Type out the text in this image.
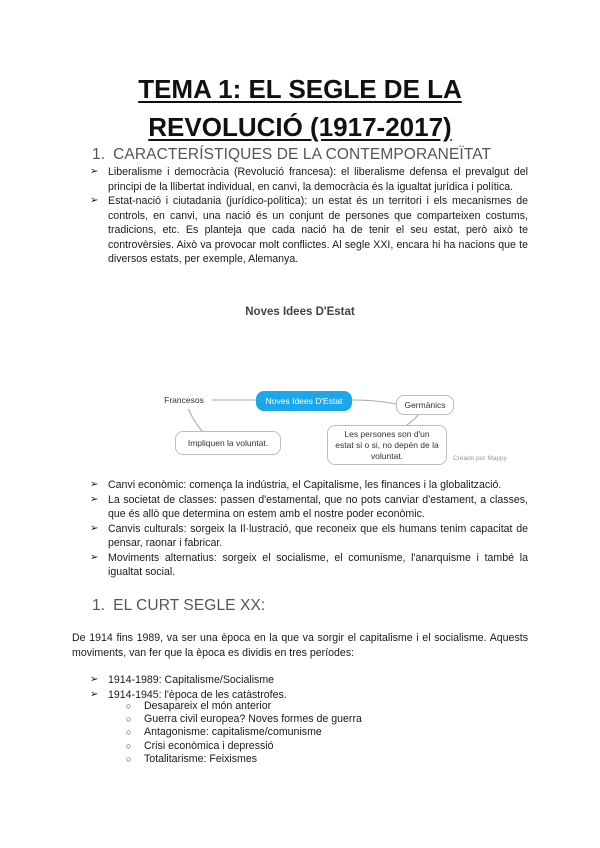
TEMA 1: EL SEGLE DE LA
REVOLUCIÓ (1917-2017)
1. CARACTERÍSTIQUES DE LA CONTEMPORANEÏTAT
➢ Liberalisme i democràcia (Revolució francesa): el liberalisme defensa el prevalgut del principi de la llibertat individual, en canvi, la democràcia és la igualtat jurídica i política.
➢ Estat-nació i ciutadania (jurídico-política): un estat és un territori i els mecanismes de controls, en canvi, una nació és un conjunt de persones que comparteixen costums, tradicions, etc. Es planteja que cada nació ha de tenir el seu estat, però això te controvèrsies. Això va provocar molt conflictes. Al segle XXI, encara hi ha nacions que te diversos estats, per exemple, Alemanya.
Noves Idees D'Estat
Noves Idees D'Estat
Francesos	Germànics
Impliquen la voluntat.
Les persones son d'un estat si o si, no depén de la voluntat.	Creado por Mappy
➢ Canvi econòmic: comença la indústria, el Capitalisme, les finances i la globalització.
➢ La societat de classes: passen d'estamental, que no pots canviar d'estament, a classes, que és allò que determina on estem amb el nostre poder econòmic.
➢ Canvis culturals: sorgeix la Il·lustració, que reconeix que els humans tenim capacitat de pensar, raonar i fabricar.
➢ Moviments alternatius: sorgeix el socialisme, el comunisme, l'anarquisme i també la igualtat social.
1. EL CURT SEGLE XX:
De 1914 fins 1989, va ser una època en la que va sorgir el capitalisme i el socialisme. Aquests moviments, van fer que la època es dividis en tres períodes:
➢ 1914-1989: Capitalisme/Socialisme
➢ 1914-1945: l'època de les catàstrofes.
○ Desapareix el món anterior
○ Guerra civil europea? Noves formes de guerra
○ Antagonisme: capitalisme/comunisme
○ Crisi econòmica i depressió
○ Totalitarisme: Feixismes
